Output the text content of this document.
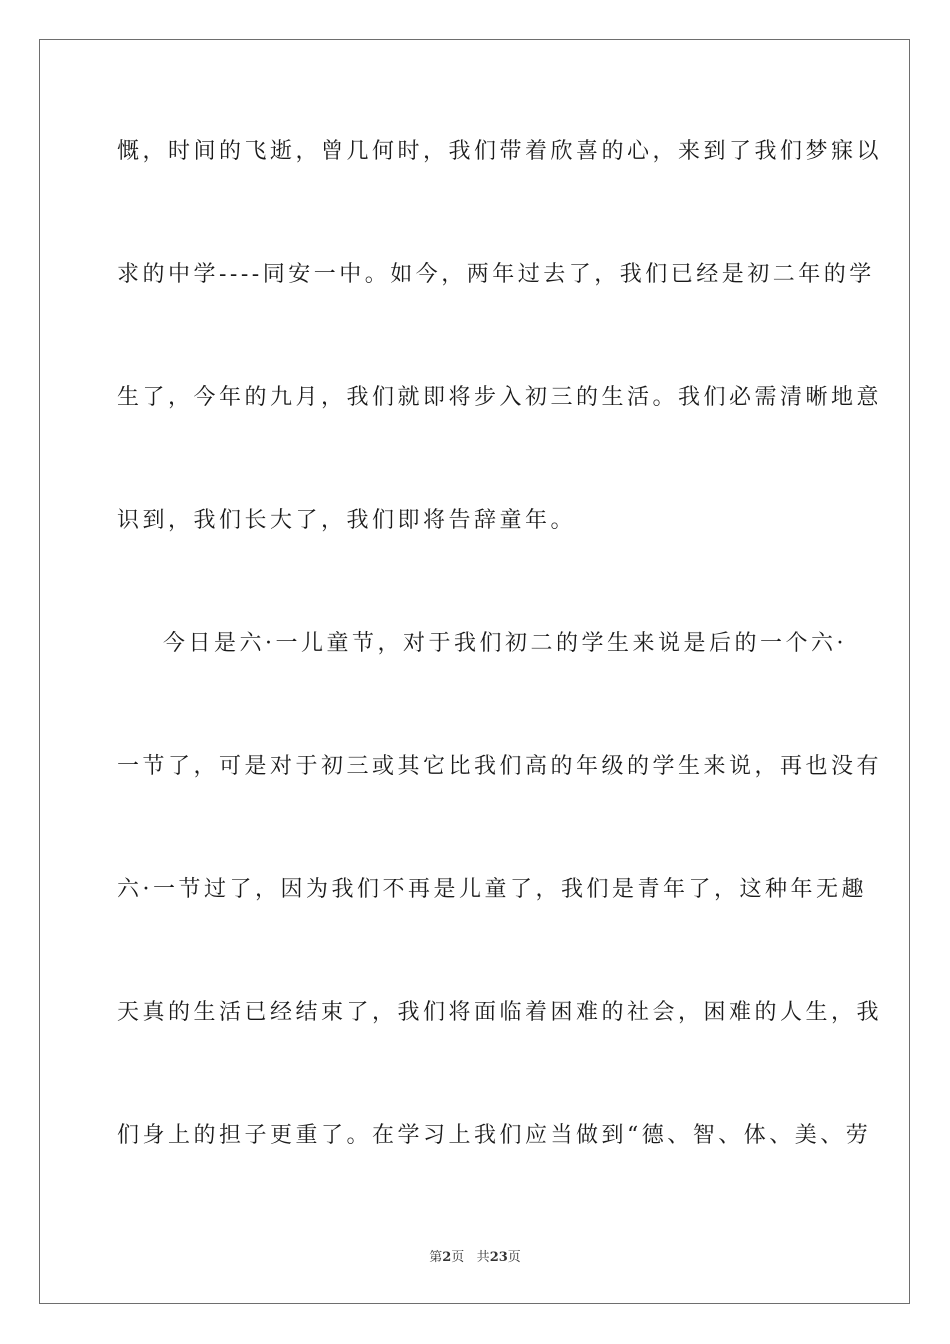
慨，时间的飞逝，曾几何时，我们带着欣喜的心，来到了我们梦寐以
求的中学----同安一中。如今，两年过去了，我们已经是初二年的学
生了，今年的九月，我们就即将步入初三的生活。我们必需清晰地意
识到，我们长大了，我们即将告辞童年。
今日是六·一儿童节，对于我们初二的学生来说是后的一个六·
一节了，可是对于初三或其它比我们高的年级的学生来说，再也没有
六·一节过了，因为我们不再是儿童了，我们是青年了，这种年无趣
天真的生活已经结束了，我们将面临着困难的社会，困难的人生，我
们身上的担子更重了。在学习上我们应当做到“德、智、体、美、劳
第2页 共23页
